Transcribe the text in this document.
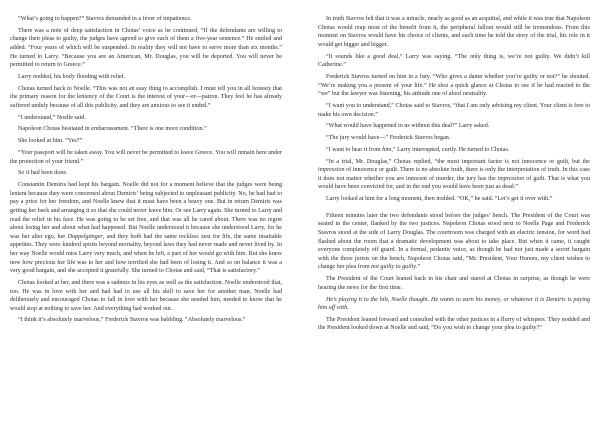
“What’s going to happen?” Stavros demanded in a fever of impatience.

There was a note of deep satisfaction in Chotas’ voice as he continued, “If the defendants are willing to change their pleas to guilty, the judges have agreed to give each of them a five-year sentence.” He smiled and added. “Four years of which will be suspended. In reality they will not have to serve more than six months.” He turned to Larry. “Because you are an American, Mr. Douglas, you will be deported. You will never be permitted to return to Greece.”

Larry nodded, his body flooding with relief.

Chotas turned back to Noelle. “This was not an easy thing to accomplish. I must tell you in all honesty that the primary reason for the leniency of the Court is the interest of your—er—patron. They feel he has already suffered unduly because of all this publicity, and they are anxious to see it ended.”

“I understand,” Noelle said.

Napoleon Chotas hesitated in embarrassment. “There is one more condition.”

She looked at him. “Yes?”

“Your passport will be taken away. You will never be permitted to leave Greece. You will remain here under the protection of your friend.”

So it had been done.

Constantin Demiris had kept his bargain. Noelle did not for a moment believe that the judges were being lenient because they were concerned about Demiris’ being subjected to unpleasant publicity. No, he had had to pay a price for her freedom, and Noelle knew that it must have been a heavy one. But in return Demiris was getting her back and arranging it so that she could never leave him. Or see Larry again. She turned to Larry and read the relief in his face. He was going to be set free, and that was all he cared about. There was no regret about losing her and about what had happened. But Noelle understood it because she understood Larry, for he was her alter ego, her Doppelgänger, and they both had the same reckless zest for life, the same insatiable appetites. They were kindred spirits beyond mortality, beyond laws they had never made and never lived by. In her way Noelle would miss Larry very much, and when he left, a part of her would go with him. But she knew now how precious her life was to her and how terrified she had been of losing it. And so on balance it was a very good bargain, and she accepted it gratefully. She turned to Chotas and said, “That is satisfactory.”

Chotas looked at her, and there was a sadness in his eyes as well as the satisfaction. Noelle understood that, too. He was in love with her and had had to use all his skill to save her for another man. Noelle had deliberately and encouraged Chotas to fall in love with her because she needed him, needed to know that he would stop at nothing to save her. And everything had worked out.

“I think it’s absolutely marvelous,” Frederick Stavros was babbling. “Absolutely marvelous.”

In truth Stavros felt that it was a miracle, nearly as good as an acquittal, and while it was true that Napoleon Chotas would reap most of the benefit from it, the peripheral fallout would still be tremendous. From this moment on Stavros would have his choice of clients, and each time he told the story of the trial, his role in it would get bigger and bigger.

“It sounds like a good deal,” Larry was saying. “The only thing is, we’re not guilty. We didn’t kill Catherine.”

Frederick Stavros turned on him in a fury. “Who gives a damn whether you’re guilty or not?” he shouted. “We’re making you a present of your life.” He shot a quick glance at Chotas to see if he had reacted to the “we” but the lawyer was listening, his attitude one of aloof neutrality.

“I want you to understand,” Chotas said to Stavros, “that I am only advising my client. Your client is free to make his own decision.”

“What would have happened to us without this deal?” Larry asked.

“The jury would have—” Frederick Stavros began.

“I want to hear it from him,” Larry interrupted, curtly. He turned to Chotas.

“In a trial, Mr. Douglas,” Chotas replied, “the most important factor is not innocence or guilt, but the impression of innocence or guilt. There is no absolute truth, there is only the interpretation of truth. In this case it does not matter whether you are innocent of murder, the jury has the impression of guilt. That is what you would have been convicted for, and in the end you would have been just as dead.”

Larry looked at him for a long moment, then nodded. “OK,” he said. “Let’s get it over with.”

Fifteen minutes later the two defendants stood before the judges’ bench. The President of the Court was seated in the center, flanked by the two justices. Napoleon Chotas stood next to Noelle Page and Frederick Stavros stood at the side of Larry Douglas. The courtroom was charged with an electric tension, for word had flashed about the room that a dramatic development was about to take place. But when it came, it caught everyone completely off guard. In a formal, pedantic voice, as though he had not just made a secret bargain with the three jurists on the bench, Napoleon Chotas said, “Mr. President, Your Honors, my client wishes to change her plea from not guilty to guilty.”

The President of the Court leaned back in his chair and stared at Chotas in surprise, as though he were hearing the news for the first time.

He’s playing it to the hilt, Noelle thought. He wants to earn his money, or whatever it is Demiris is paying him off with.

The President leaned forward and consulted with the other justices in a flurry of whispers. They nodded and the President looked down at Noelle and said, “Do you wish to change your plea to guilty?”
